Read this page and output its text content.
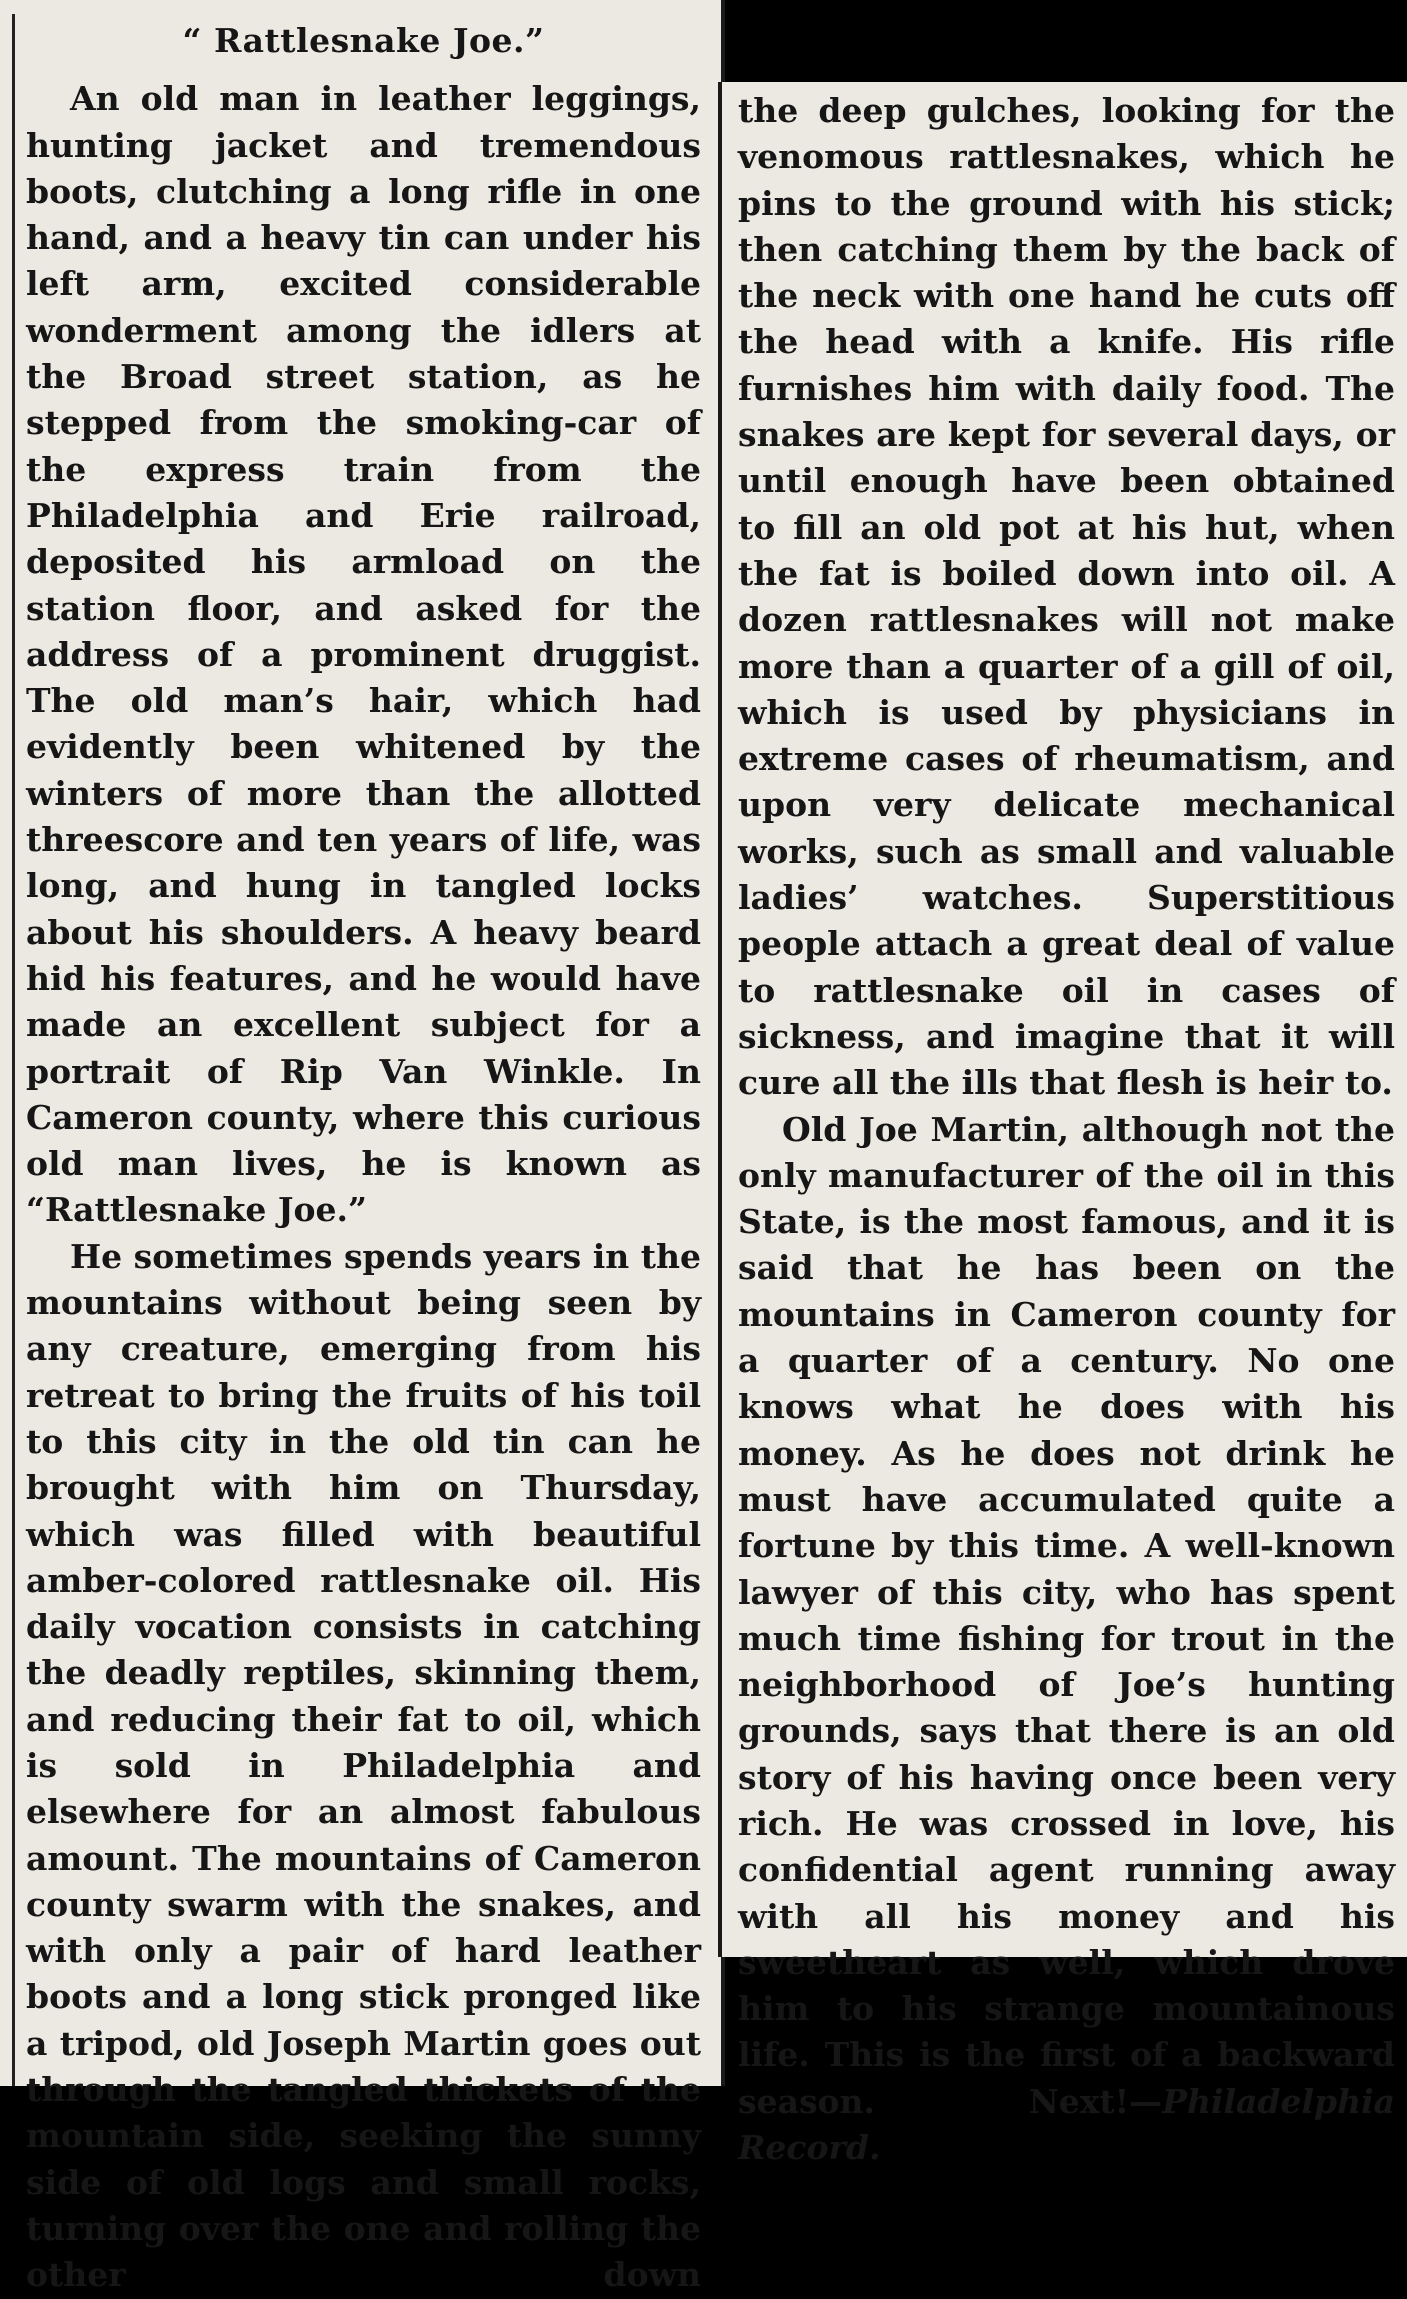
“ Rattlesnake Joe.”

An old man in leather leggings, hunting jacket and tremendous boots, clutching a long rifle in one hand, and a heavy tin can under his left arm, excited considerable wonderment among the idlers at the Broad street station, as he stepped from the smoking-car of the express train from the Philadelphia and Erie railroad, deposited his armload on the station floor, and asked for the address of a prominent druggist. The old man’s hair, which had evidently been whitened by the winters of more than the allotted threescore and ten years of life, was long, and hung in tangled locks about his shoulders. A heavy beard hid his features, and he would have made an excellent subject for a portrait of Rip Van Winkle. In Cameron county, where this curious old man lives, he is known as “Rattlesnake Joe.”

He sometimes spends years in the mountains without being seen by any creature, emerging from his retreat to bring the fruits of his toil to this city in the old tin can he brought with him on Thursday, which was filled with beautiful amber-colored rattlesnake oil. His daily vocation consists in catching the deadly reptiles, skinning them, and reducing their fat to oil, which is sold in Philadelphia and elsewhere for an almost fabulous amount. The mountains of Cameron county swarm with the snakes, and with only a pair of hard leather boots and a long stick pronged like a tripod, old Joseph Martin goes out through the tangled thickets of the mountain side, seeking the sunny side of old logs and small rocks, turning over the one and rolling the other down

the deep gulches, looking for the venomous rattlesnakes, which he pins to the ground with his stick; then catching them by the back of the neck with one hand he cuts off the head with a knife. His rifle furnishes him with daily food. The snakes are kept for several days, or until enough have been obtained to fill an old pot at his hut, when the fat is boiled down into oil. A dozen rattlesnakes will not make more than a quarter of a gill of oil, which is used by physicians in extreme cases of rheumatism, and upon very delicate mechanical works, such as small and valuable ladies’ watches. Superstitious people attach a great deal of value to rattlesnake oil in cases of sickness, and imagine that it will cure all the ills that flesh is heir to.

Old Joe Martin, although not the only manufacturer of the oil in this State, is the most famous, and it is said that he has been on the mountains in Cameron county for a quarter of a century. No one knows what he does with his money. As he does not drink he must have accumulated quite a fortune by this time. A well-known lawyer of this city, who has spent much time fishing for trout in the neighborhood of Joe’s hunting grounds, says that there is an old story of his having once been very rich. He was crossed in love, his confidential agent running away with all his money and his sweetheart as well, which drove him to his strange mountainous life. This is the first of a backward season. Next!—Philadelphia Record.
